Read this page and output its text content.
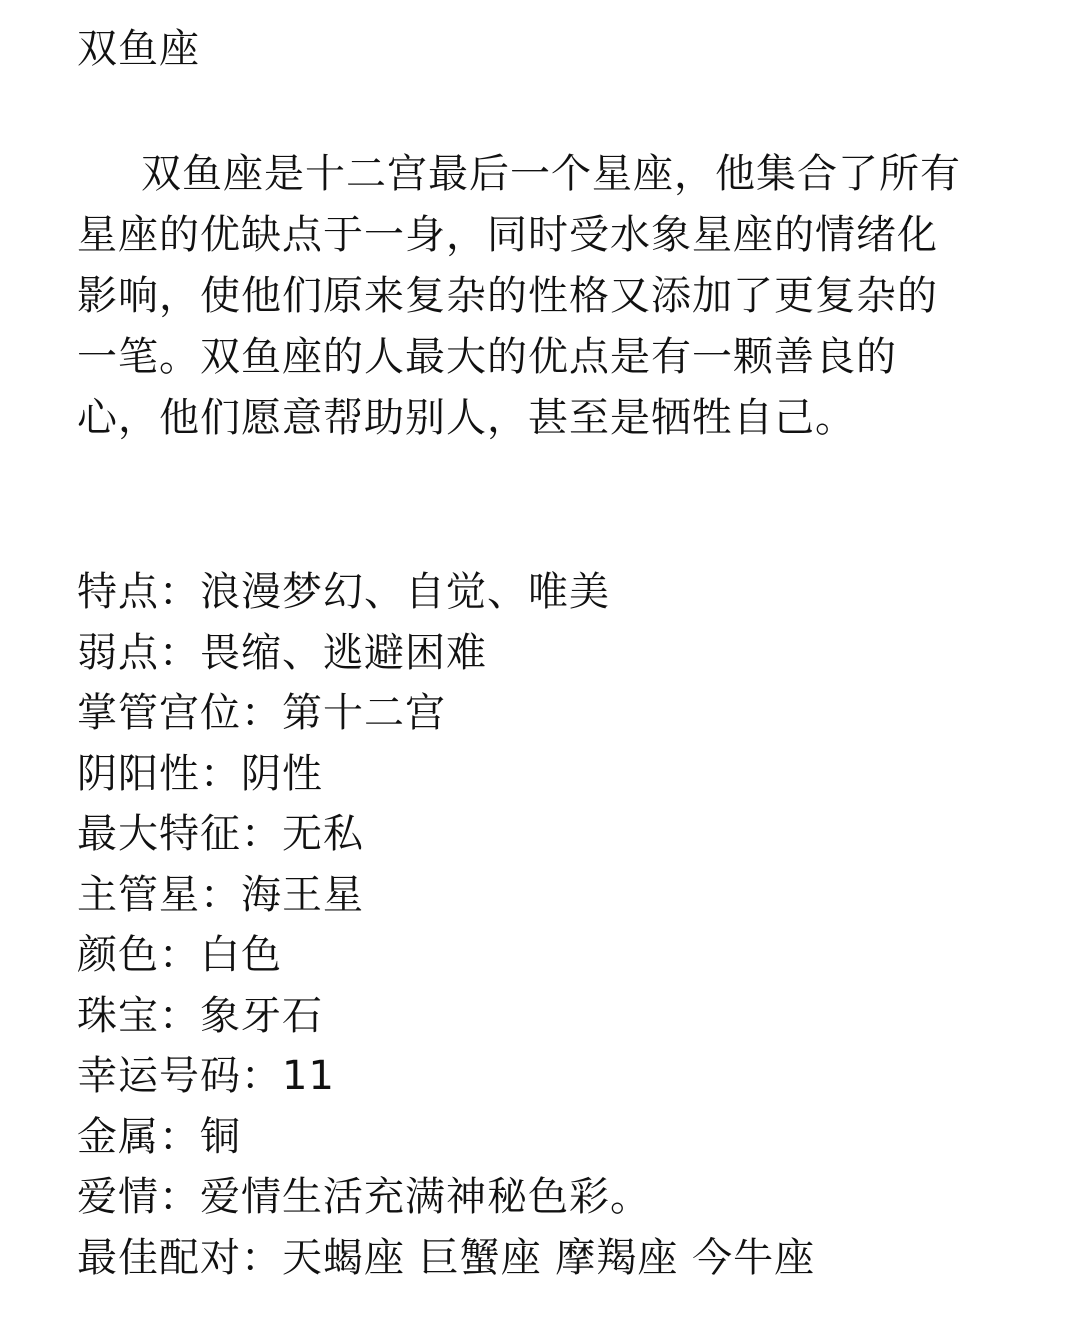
双鱼座

双鱼座是十二宫最后一个星座，他集合了所有星座的优缺点于一身，同时受水象星座的情绪化影响，使他们原来复杂的性格又添加了更复杂的一笔。双鱼座的人最大的优点是有一颗善良的心，他们愿意帮助别人，甚至是牺牲自己。

特点：浪漫梦幻、自觉、唯美
弱点：畏缩、逃避困难
掌管宫位：第十二宫
阴阳性：阴性
最大特征：无私
主管星：海王星
颜色：白色
珠宝：象牙石
幸运号码：11
金属：铜
爱情：爱情生活充满神秘色彩。
最佳配对：天蝎座 巨蟹座 摩羯座 今牛座
